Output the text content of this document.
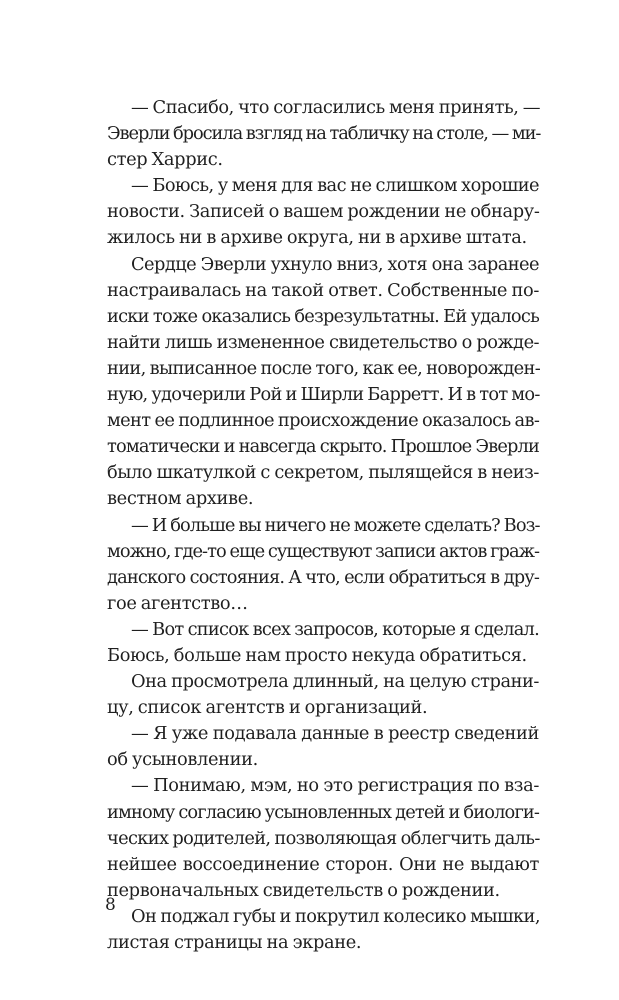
— Спасибо, что согласились меня принять, —
Эверли бросила взгляд на табличку на столе, — ми-
стер Харрис.
— Боюсь, у меня для вас не слишком хорошие
новости. Записей о вашем рождении не обнару-
жилось ни в архиве округа, ни в архиве штата.
Сердце Эверли ухнуло вниз, хотя она заранее
настраивалась на такой ответ. Собственные по-
иски тоже оказались безрезультатны. Ей удалось
найти лишь измененное свидетельство о рожде-
нии, выписанное после того, как ее, новорожден-
ную, удочерили Рой и Ширли Барретт. И в тот мо-
мент ее подлинное происхождение оказалось ав-
томатически и навсегда скрыто. Прошлое Эверли
было шкатулкой с секретом, пылящейся в неиз-
вестном архиве.
— И больше вы ничего не можете сделать? Воз-
можно, где-то еще существуют записи актов граж-
данского состояния. А что, если обратиться в дру-
гое агентство…
— Вот список всех запросов, которые я сделал.
Боюсь, больше нам просто некуда обратиться.
Она просмотрела длинный, на целую страни-
цу, список агентств и организаций.
— Я уже подавала данные в реестр сведений
об усыновлении.
— Понимаю, мэм, но это регистрация по вза-
имному согласию усыновленных детей и биологи-
ческих родителей, позволяющая облегчить даль-
нейшее воссоединение сторон. Они не выдают
первоначальных свидетельств о рождении.
Он поджал губы и покрутил колесико мышки,
листая страницы на экране.
8
